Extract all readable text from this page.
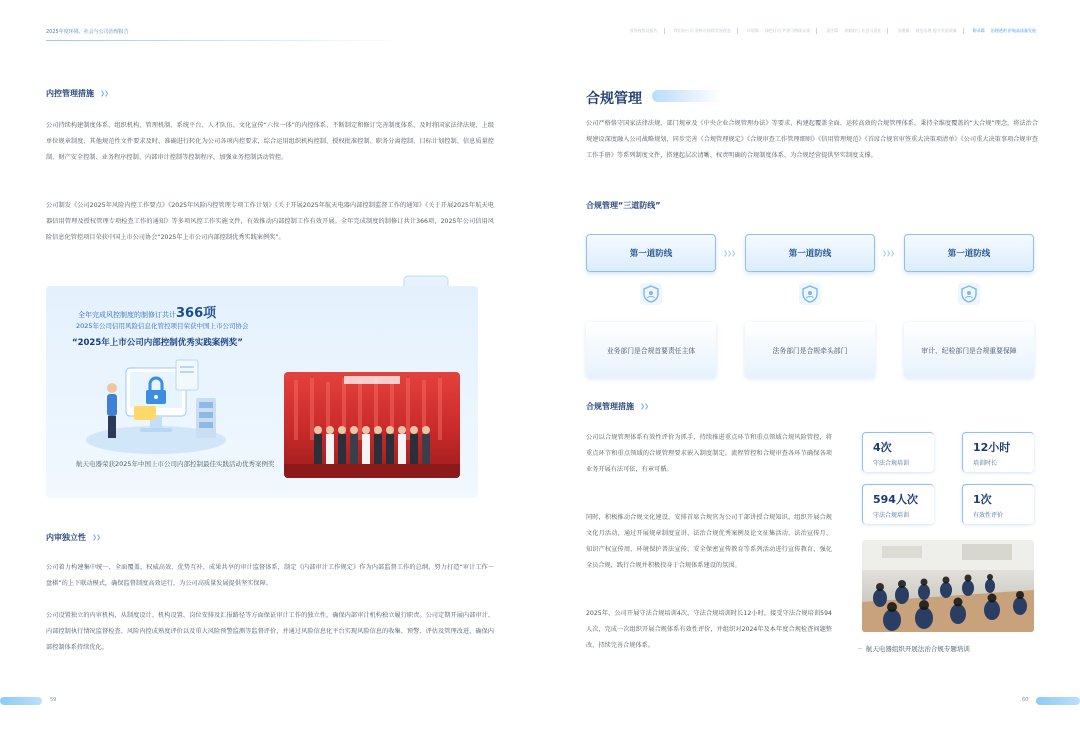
2025年度环境、社会与公司治理报告
内控管理措施 ❯❯

公司持续构建制度体系、组织机构、管理机制、系统平台、人才队伍、文化宣传“六位一体”的内控体系，不断制定和修订完善制度体系，及时将国家法律法规、上级单位规章制度、其他规范性文件要求及时、准确进行转化为公司各项内控要求，综合运用组织机构控制、授权批准控制、职务分离控制、目标计划控制、信息质量控制、财产安全控制、业务程序控制、内部审计控制等控制程序，加强业务控制活动管控。

公司制发《公司2025年风险内控工作要点》《2025年风险内控管理专项工作计划》《关于开展2025年航天电器内部控制监督工作的通知》《关于开展2025年航天电器信用管理及授权管理专项检查工作的通知》等多项风控工作实施文件，有效推动内部控制工作有效开展。全年完成制度的制修订共计366项，2025年公司信用风险信息化管控项目荣获中国上市公司协会“2025年上市公司内部控制优秀实践案例奖”。

全年完成风控制度的制修订共计366项
2025年公司信用风险信息化管控项目荣获中国上市公司协会
“2025年上市公司内部控制优秀实践案例奖”
航天电器荣获2025年中国上市公司内部控制最佳实践活动优秀案例奖
内审独立性 ❯❯

公司着力构建集中统一、全面覆盖、权威高效、优势互补、成果共享的审计监督体系，制定《内部审计工作规定》作为内部监督工作的总纲，努力打造“审计工作一盘棋”的上下联动模式，确保监督制度高效运行，为公司高质量发展提供坚实保障。

公司设置独立的内审机构，从制度设计、机构设置、岗位安排及汇报路径等方面保证审计工作的独立性，确保内部审计机构独立履行职责。公司定期开展内部审计、内部控制执行情况监督检查、风险内控成熟度评价以及重大风险预警监测等监督评价，并通过风险信息化平台实现风险信息的收集、预警、评估及管理改进，确保内部控制体系持续优化。

59
领导致辞及报告	我们的公司 坚持可持续发展理念	环境篇 绿色行动 共建可持续未来	责任篇 勇毅前行 社会与责任	治理篇 规范治理 提升发展质量	附录篇 治理透明 护航高质量发展
合规管理

公司严格恪守国家法律法规、部门规章及《中央企业合规管理办法》等要求，构建起覆盖全面、运转高效的合规管理体系。秉持全维度覆盖的“大合规”理念，将法治合规建设深度融入公司战略规划，同步完善《合规管理规定》《合规审查工作管理细则》《信用管理规范》《首席合规官审签重大决策项清单》《公司重大决策事项合规审查工作手册》等系列制度文件，搭建起层次清晰、权责明确的合规制度体系，为合规经营提供坚实制度支撑。

合规管理“三道防线”
第一道防线	❯❯❯	第一道防线	❯❯❯	第一道防线
业务部门是合规首要责任主体	法务部门是合规牵头部门	审计、纪检部门是合规重要保障
合规管理措施 ❯❯

公司以合规管理体系有效性评价为抓手，持续推进重点环节和重点领域合规风险管控，将重点环节和重点领域的合规管理要求嵌入制度制定，流程管控和合规审查各环节确保各项业务开展有法可依，有章可循。

同时，积极推动合规文化建设，安排首席合规官为公司干部讲授合规知识，组织开展合规文化月活动，通过开展规章制度宣讲、法治合规优秀案例及论文征集活动、法治宣传月、知识产权宣传周、环境保护普法宣传、安全保密宣传教育等系列活动进行宣传教育，强化全员合规，践行合规并积极投身于合规体系建设的氛围。

2025年，公司开展守法合规培训4次，守法合规培训时长12小时，接受守法合规培训594人次，完成一次组织开展合规体系有效性评价，并组织对2024年及本年度合规检查问题整改，持续完善合规体系。

4次
守法合规培训
12小时
培训时长
594人次
守法合规培训
1次
有效性评价
─ 航天电器组织开展法治合规专题培训
60
